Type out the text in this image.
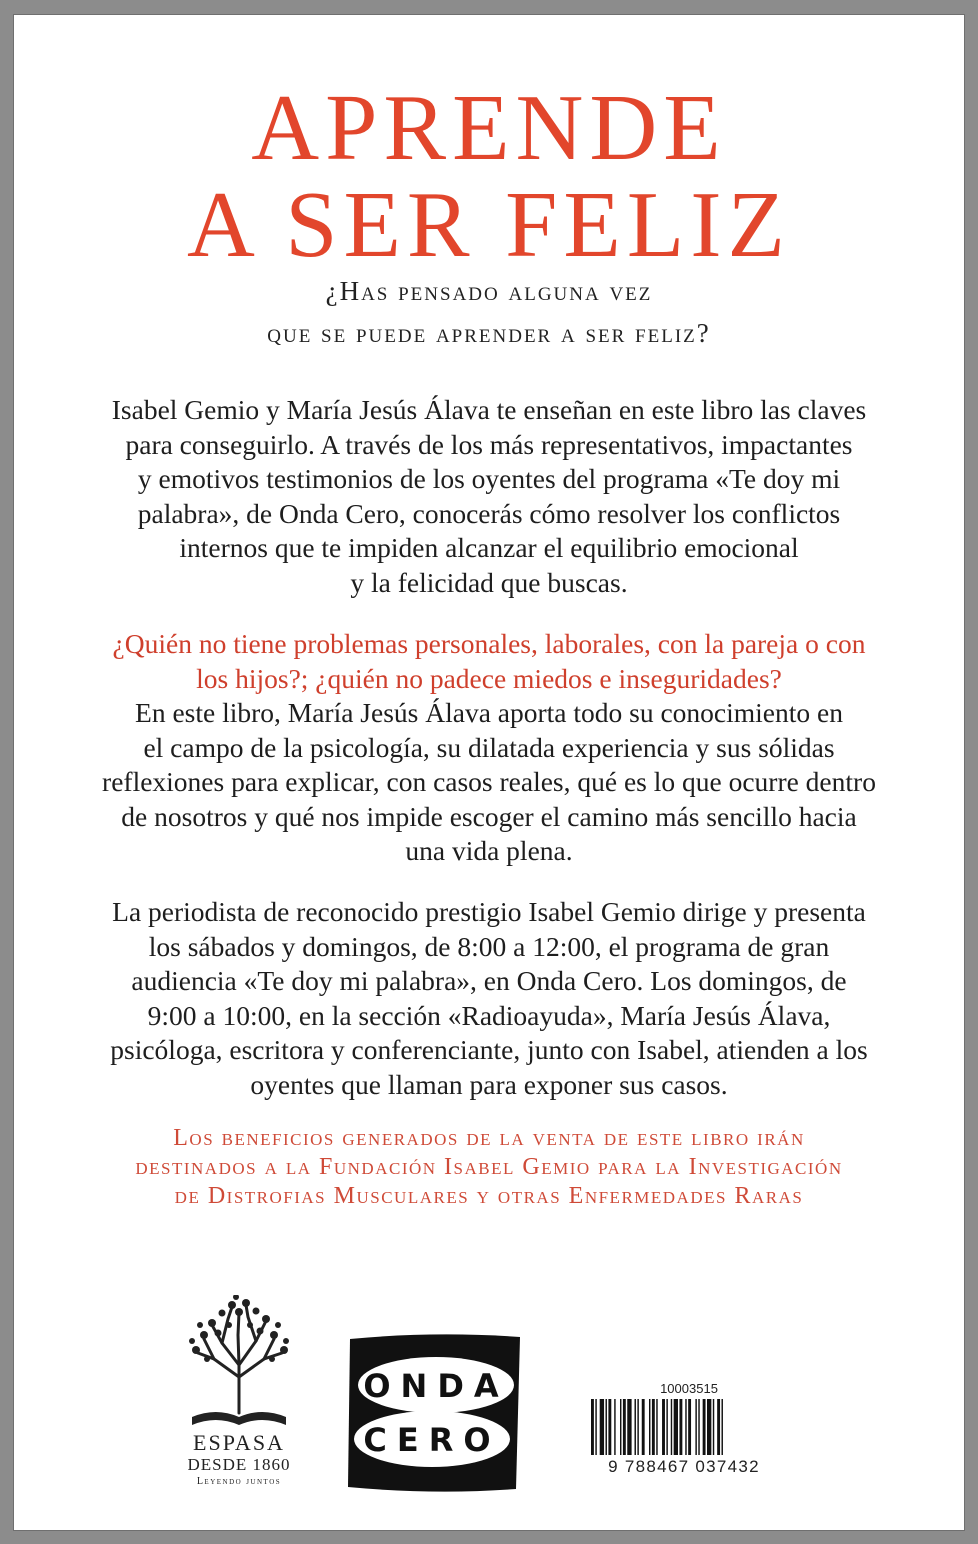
APRENDE
A SER FELIZ
¿Has pensado alguna vez
que se puede aprender a ser feliz?
Isabel Gemio y María Jesús Álava te enseñan en este libro las claves
para conseguirlo. A través de los más representativos, impactantes
y emotivos testimonios de los oyentes del programa «Te doy mi
palabra», de Onda Cero, conocerás cómo resolver los conflictos
internos que te impiden alcanzar el equilibrio emocional
y la felicidad que buscas.
¿Quién no tiene problemas personales, laborales, con la pareja o con
los hijos?; ¿quién no padece miedos e inseguridades?
En este libro, María Jesús Álava aporta todo su conocimiento en
el campo de la psicología, su dilatada experiencia y sus sólidas
reflexiones para explicar, con casos reales, qué es lo que ocurre dentro
de nosotros y qué nos impide escoger el camino más sencillo hacia
una vida plena.
La periodista de reconocido prestigio Isabel Gemio dirige y presenta
los sábados y domingos, de 8:00 a 12:00, el programa de gran
audiencia «Te doy mi palabra», en Onda Cero. Los domingos, de
9:00 a 10:00, en la sección «Radioayuda», María Jesús Álava,
psicóloga, escritora y conferenciante, junto con Isabel, atienden a los
oyentes que llaman para exponer sus casos.
Los beneficios generados de la venta de este libro irán
destinados a la Fundación Isabel Gemio para la Investigación
de Distrofias Musculares y otras Enfermedades Raras
ESPASA
DESDE 1860
Leyendo juntos
ONDA
CERO
10003515
9 788467 037432
